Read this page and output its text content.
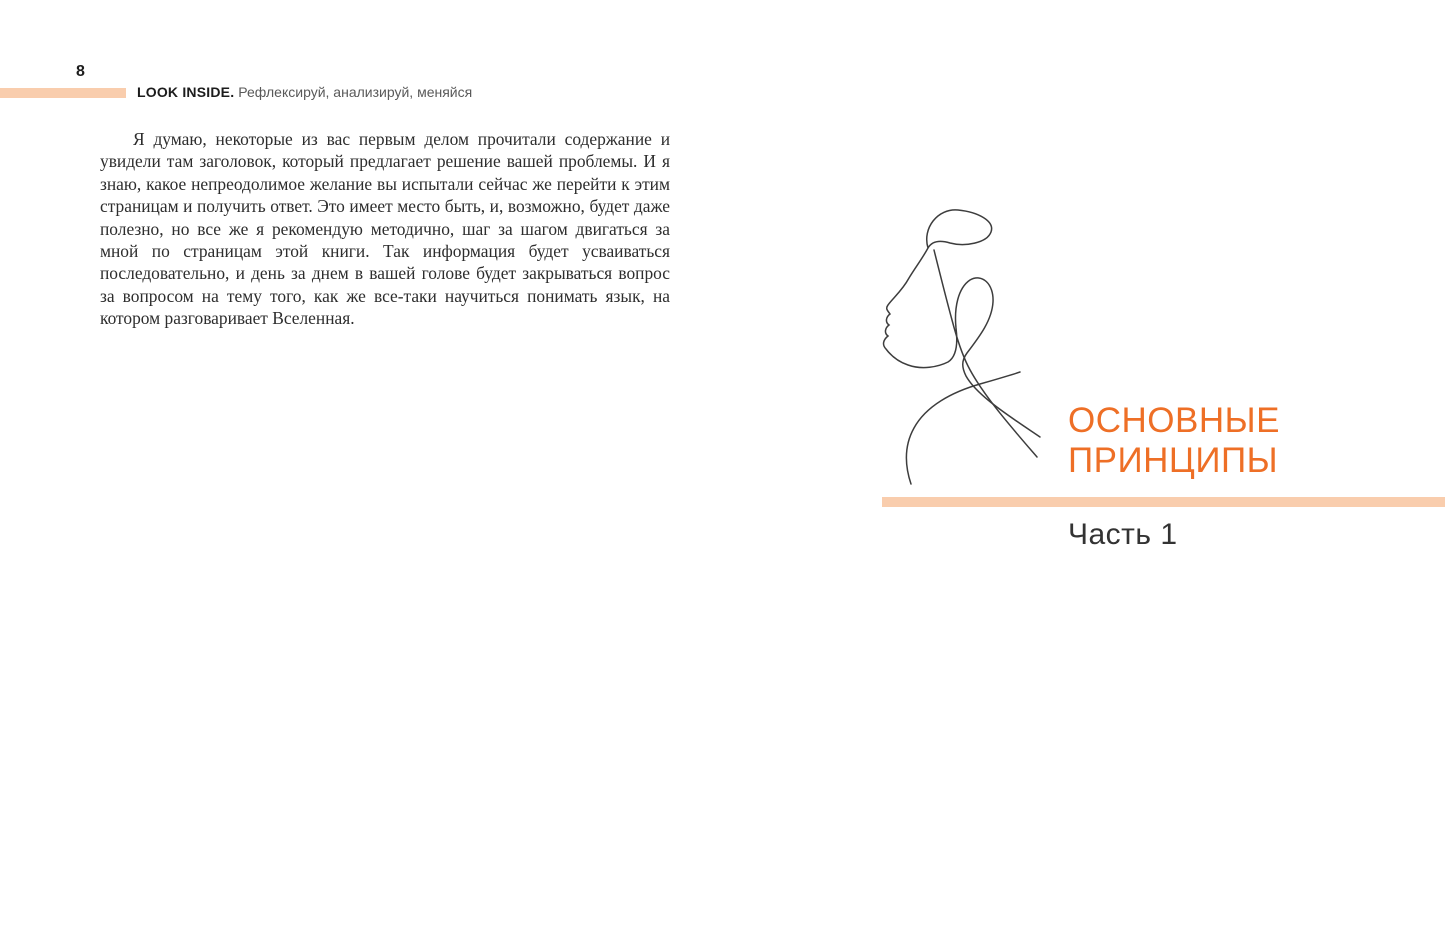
8
LOOK INSIDE. Рефлексируй, анализируй, меняйся

Я думаю, некоторые из вас первым делом прочитали содержание и увидели там заголовок, который предлагает решение вашей проблемы. И я знаю, какое непреодолимое желание вы испытали сейчас же перейти к этим страницам и получить ответ. Это имеет место быть, и, возможно, будет даже полезно, но все же я рекомендую методично, шаг за шагом двигаться за мной по страницам этой книги. Так информация будет усваиваться последовательно, и день за днем в вашей голове будет закрываться вопрос за вопросом на тему того, как же все-таки научиться понимать язык, на котором разговаривает Вселенная.

ОСНОВНЫЕ
ПРИНЦИПЫ
Часть 1
